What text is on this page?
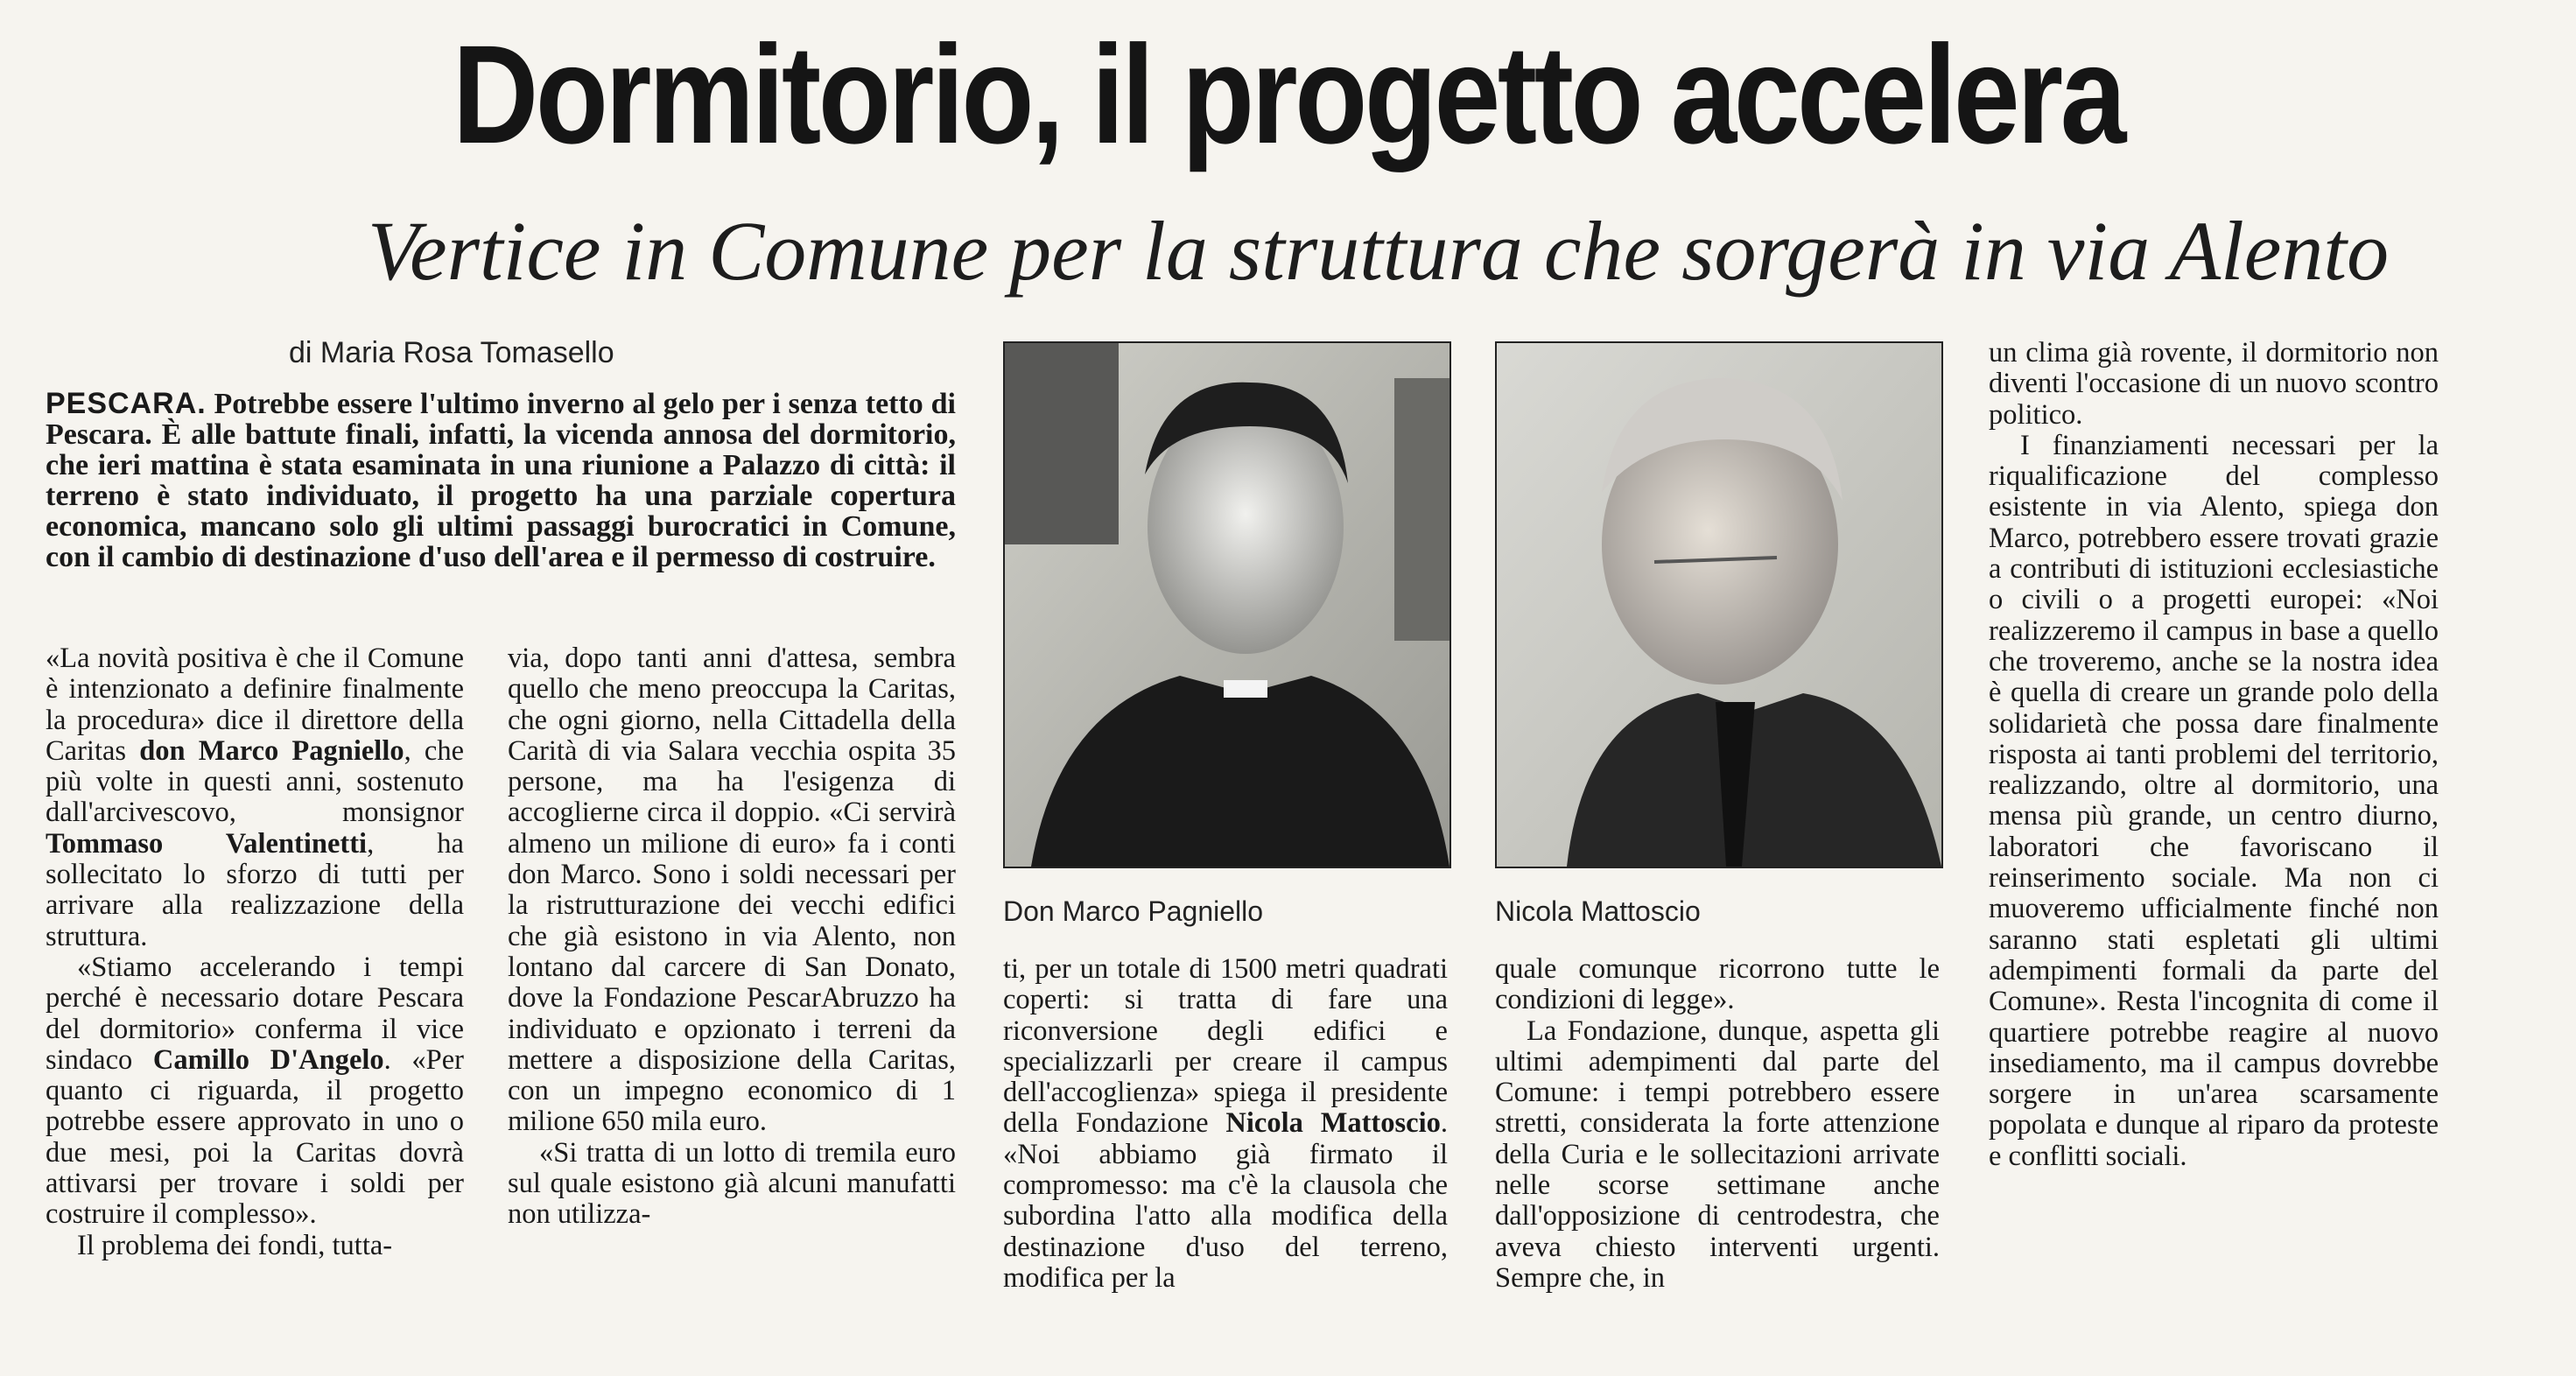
Dormitorio, il progetto accelera
Vertice in Comune per la struttura che sorgerà in via Alento
di Maria Rosa Tomasello
PESCARA. Potrebbe essere l'ultimo inverno al gelo per i senza tetto di Pescara. È alle battute finali, infatti, la vicenda annosa del dormitorio, che ieri mattina è stata esaminata in una riunione a Palazzo di città: il terreno è stato individuato, il progetto ha una parziale copertura economica, mancano solo gli ultimi passaggi burocratici in Comune, con il cambio di destinazione d'uso dell'area e il permesso di costruire.

«La novità positiva è che il Comune è intenzionato a definire finalmente la procedura» dice il direttore della Caritas don Marco Pagniello, che più volte in questi anni, sostenuto dall'arcivescovo, monsignor Tommaso Valentinetti, ha sollecitato lo sforzo di tutti per arrivare alla realizzazione della struttura.

«Stiamo accelerando i tempi perché è necessario dotare Pescara del dormitorio» conferma il vice sindaco Camillo D'Angelo. «Per quanto ci riguarda, il progetto potrebbe essere approvato in uno o due mesi, poi la Caritas dovrà attivarsi per trovare i soldi per costruire il complesso».

Il problema dei fondi, tutta-

via, dopo tanti anni d'attesa, sembra quello che meno preoccupa la Caritas, che ogni giorno, nella Cittadella della Carità di via Salara vecchia ospita 35 persone, ma ha l'esigenza di accoglierne circa il doppio. «Ci servirà almeno un milione di euro» fa i conti don Marco. Sono i soldi necessari per la ristrutturazione dei vecchi edifici che già esistono in via Alento, non lontano dal carcere di San Donato, dove la Fondazione PescarAbruzzo ha individuato e opzionato i terreni da mettere a disposizione della Caritas, con un impegno economico di 1 milione 650 mila euro.

«Si tratta di un lotto di tremila euro sul quale esistono già alcuni manufatti non utilizza-

Don Marco Pagniello	Nicola Mattoscio

ti, per un totale di 1500 metri quadrati coperti: si tratta di fare una riconversione degli edifici e specializzarli per creare il campus dell'accoglienza» spiega il presidente della Fondazione Nicola Mattoscio. «Noi abbiamo già firmato il compromesso: ma c'è la clausola che subordina l'atto alla modifica della destinazione d'uso del terreno, modifica per la

quale comunque ricorrono tutte le condizioni di legge».

La Fondazione, dunque, aspetta gli ultimi adempimenti dal parte del Comune: i tempi potrebbero essere stretti, considerata la forte attenzione della Curia e le sollecitazioni arrivate nelle scorse settimane anche dall'opposizione di centrodestra, che aveva chiesto interventi urgenti. Sempre che, in

un clima già rovente, il dormitorio non diventi l'occasione di un nuovo scontro politico.

I finanziamenti necessari per la riqualificazione del complesso esistente in via Alento, spiega don Marco, potrebbero essere trovati grazie a contributi di istituzioni ecclesiastiche o civili o a progetti europei: «Noi realizzeremo il campus in base a quello che troveremo, anche se la nostra idea è quella di creare un grande polo della solidarietà che possa dare finalmente risposta ai tanti problemi del territorio, realizzando, oltre al dormitorio, una mensa più grande, un centro diurno, laboratori che favoriscano il reinserimento sociale. Ma non ci muoveremo ufficialmente finché non saranno stati espletati gli ultimi adempimenti formali da parte del Comune». Resta l'incognita di come il quartiere potrebbe reagire al nuovo insediamento, ma il campus dovrebbe sorgere in un'area scarsamente popolata e dunque al riparo da proteste e conflitti sociali.
